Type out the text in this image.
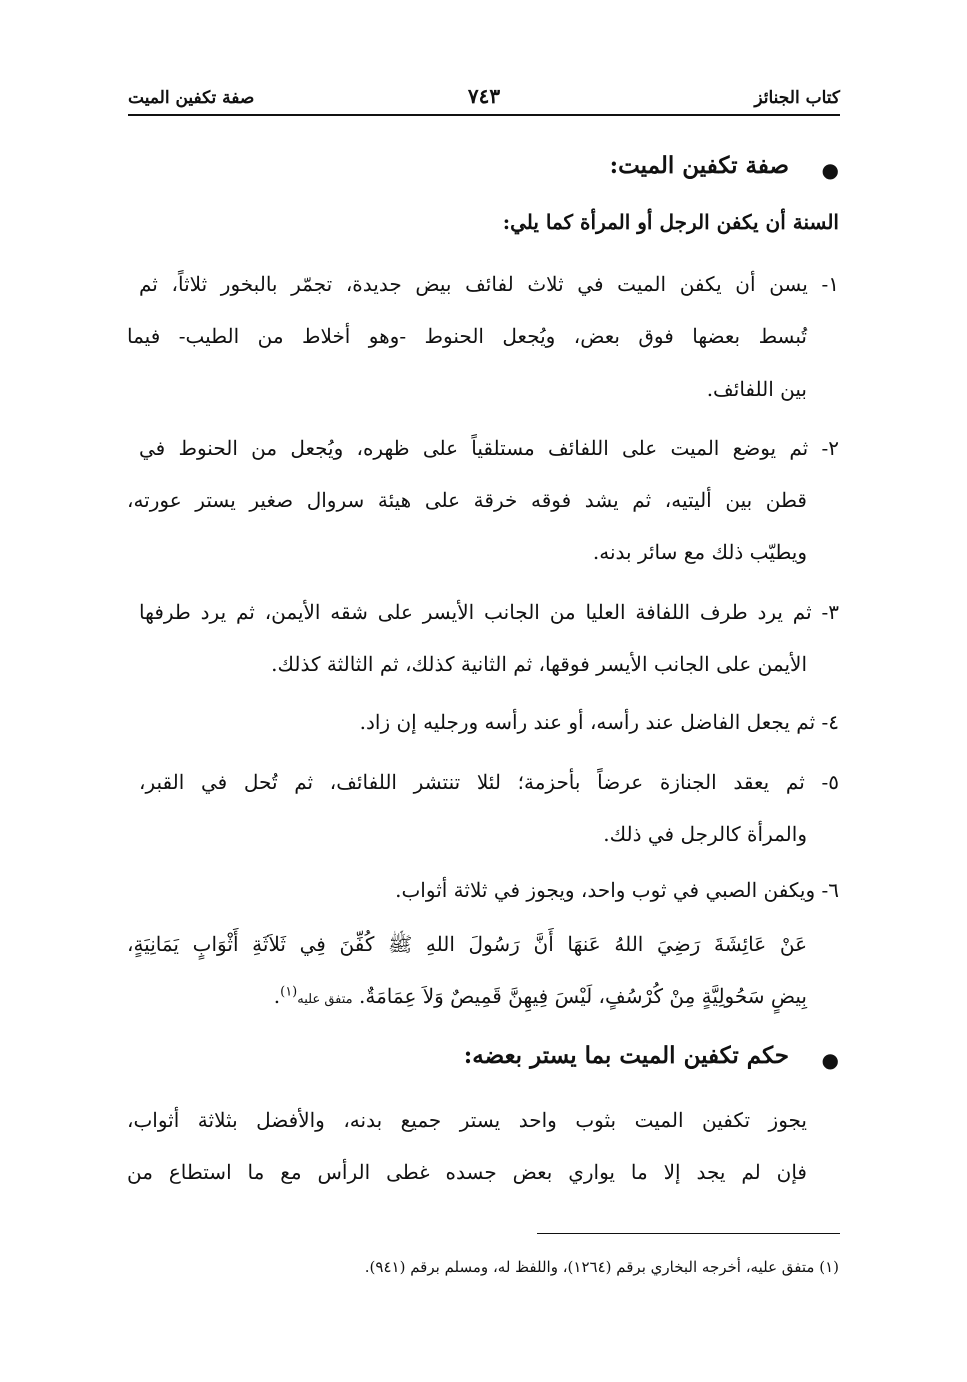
كتاب الجنائز
٧٤٣
صفة تكفين الميت
●
صفة تكفين الميت:
السنة أن يكفن الرجل أو المرأة كما يلي:
١- يسن أن يكفن الميت في ثلاث لفائف بيض جديدة، تجمّر بالبخور ثلاثاً، ثم
تُبسط بعضها فوق بعض، ويُجعل الحنوط -وهو أخلاط من الطيب- فيما
بين اللفائف.
٢- ثم يوضع الميت على اللفائف مستلقياً على ظهره، ويُجعل من الحنوط في
قطن بين أليتيه، ثم يشد فوقه خرقة على هيئة سروال صغير يستر عورته،
ويطيّب ذلك مع سائر بدنه.
٣- ثم يرد طرف اللفافة العليا من الجانب الأيسر على شقه الأيمن، ثم يرد طرفها
الأيمن على الجانب الأيسر فوقها، ثم الثانية كذلك، ثم الثالثة كذلك.
٤- ثم يجعل الفاضل عند رأسه، أو عند رأسه ورجليه إن زاد.
٥- ثم يعقد الجنازة عرضاً بأحزمة؛ لئلا تنتشر اللفائف، ثم تُحل في القبر،
والمرأة كالرجل في ذلك.
٦- ويكفن الصبي في ثوب واحد، ويجوز في ثلاثة أثواب.
عَنْ عَائِشَةَ رَضِيَ اللهُ عَنهَا أَنَّ رَسُولَ اللهِ ﷺ كُفِّنَ فِي ثَلاَثَةِ أَثْوَابٍ يَمَانِيَةٍ،
بِيضٍ سَحُولِيَّةٍ مِنْ كُرْسُفٍ، لَيْسَ فِيهِنَّ قَمِيصٌ وَلاَ عِمَامَةٌ. متفق عليه$^{(١)}$.
●
حكم تكفين الميت بما يستر بعضه:
يجوز تكفين الميت بثوب واحد يستر جميع بدنه، والأفضل بثلاثة أثواب،
فإن لم يجد إلا ما يواري بعض جسده غطى الرأس مع ما استطاع من
(١) متفق عليه، أخرجه البخاري برقم (١٢٦٤)، واللفظ له، ومسلم برقم (٩٤١).
